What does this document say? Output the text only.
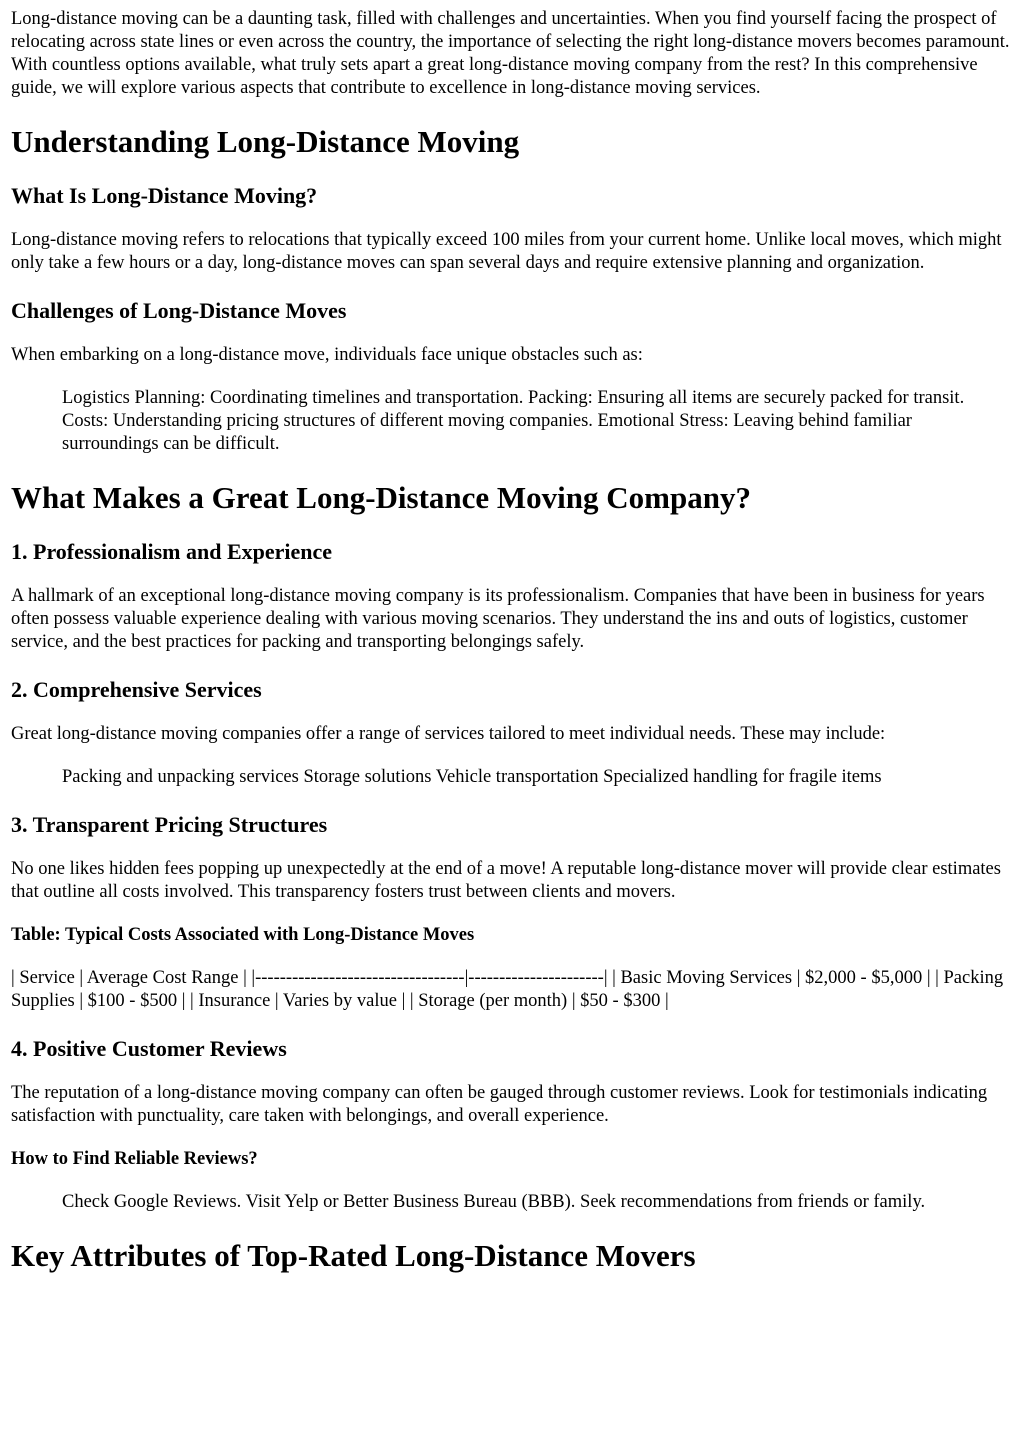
Long-distance moving can be a daunting task, filled with challenges and uncertainties. When you find yourself facing the prospect of relocating across state lines or even across the country, the importance of selecting the right long-distance movers becomes paramount. With countless options available, what truly sets apart a great long-distance moving company from the rest? In this comprehensive guide, we will explore various aspects that contribute to excellence in long-distance moving services.

Understanding Long-Distance Moving
What Is Long-Distance Moving?

Long-distance moving refers to relocations that typically exceed 100 miles from your current home. Unlike local moves, which might only take a few hours or a day, long-distance moves can span several days and require extensive planning and organization.

Challenges of Long-Distance Moves

When embarking on a long-distance move, individuals face unique obstacles such as:

Logistics Planning: Coordinating timelines and transportation. Packing: Ensuring all items are securely packed for transit. Costs: Understanding pricing structures of different moving companies. Emotional Stress: Leaving behind familiar surroundings can be difficult.
What Makes a Great Long-Distance Moving Company?
1. Professionalism and Experience

A hallmark of an exceptional long-distance moving company is its professionalism. Companies that have been in business for years often possess valuable experience dealing with various moving scenarios. They understand the ins and outs of logistics, customer service, and the best practices for packing and transporting belongings safely.

2. Comprehensive Services

Great long-distance moving companies offer a range of services tailored to meet individual needs. These may include:

Packing and unpacking services Storage solutions Vehicle transportation Specialized handling for fragile items
3. Transparent Pricing Structures

No one likes hidden fees popping up unexpectedly at the end of a move! A reputable long-distance mover will provide clear estimates that outline all costs involved. This transparency fosters trust between clients and movers.

Table: Typical Costs Associated with Long-Distance Moves

| Service | Average Cost Range | |----------------------------------|----------------------| | Basic Moving Services | $2,000 - $5,000 | | Packing Supplies | $100 - $500 | | Insurance | Varies by value | | Storage (per month) | $50 - $300 |

4. Positive Customer Reviews

The reputation of a long-distance moving company can often be gauged through customer reviews. Look for testimonials indicating satisfaction with punctuality, care taken with belongings, and overall experience.

How to Find Reliable Reviews?
Check Google Reviews. Visit Yelp or Better Business Bureau (BBB). Seek recommendations from friends or family.
Key Attributes of Top-Rated Long-Distance Movers
